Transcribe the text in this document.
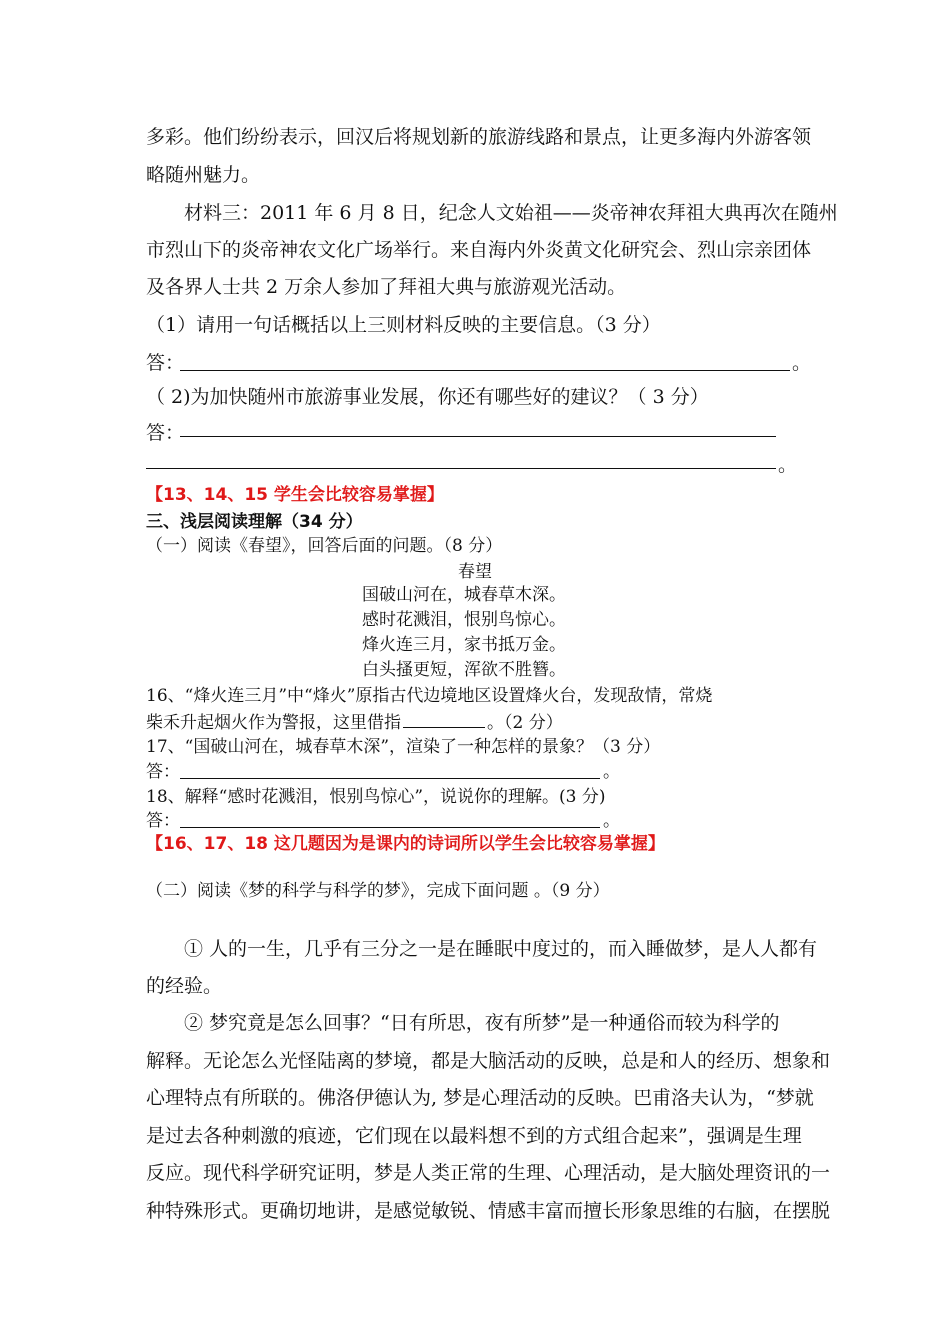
多彩。他们纷纷表示，回汉后将规划新的旅游线路和景点，让更多海内外游客领
略随州魅力。
材料三：2011 年 6 月 8 日，纪念人文始祖——炎帝神农拜祖大典再次在随州
市烈山下的炎帝神农文化广场举行。来自海内外炎黄文化研究会、烈山宗亲团体
及各界人士共 2 万余人参加了拜祖大典与旅游观光活动。
（1）请用一句话概括以上三则材料反映的主要信息。（3 分）
答：	。
（ 2)为加快随州市旅游事业发展，你还有哪些好的建议？（ 3 分）
答：
。
【13、14、15 学生会比较容易掌握】
三、浅层阅读理解（34 分）
（一）阅读《春望》，回答后面的问题。（8 分）
春望
国破山河在，城春草木深。
感时花溅泪，恨别鸟惊心。
烽火连三月，家书抵万金。
白头搔更短，浑欲不胜簪。
16、“烽火连三月”中“烽火”原指古代边境地区设置烽火台，发现敌情，常烧
柴禾升起烟火作为警报，这里借指	。（2 分）
17、“国破山河在，城春草木深”，渲染了一种怎样的景象？（3 分）
答：	。
18、解释“感时花溅泪，恨别鸟惊心”，说说你的理解。(3 分)
答：	。
【16、17、18 这几题因为是课内的诗词所以学生会比较容易掌握】
（二）阅读《梦的科学与科学的梦》，完成下面问题 。（9 分）
① 人的一生，几乎有三分之一是在睡眠中度过的，而入睡做梦，是人人都有
的经验。
② 梦究竟是怎么回事？“日有所思，夜有所梦”是一种通俗而较为科学的
解释。无论怎么光怪陆离的梦境，都是大脑活动的反映，总是和人的经历、想象和
心理特点有所联的。佛洛伊德认为, 梦是心理活动的反映。巴甫洛夫认为，“梦就
是过去各种刺激的痕迹，它们现在以最料想不到的方式组合起来”，强调是生理
反应。现代科学研究证明，梦是人类正常的生理、心理活动，是大脑处理资讯的一
种特殊形式。更确切地讲，是感觉敏锐、情感丰富而擅长形象思维的右脑，在摆脱
